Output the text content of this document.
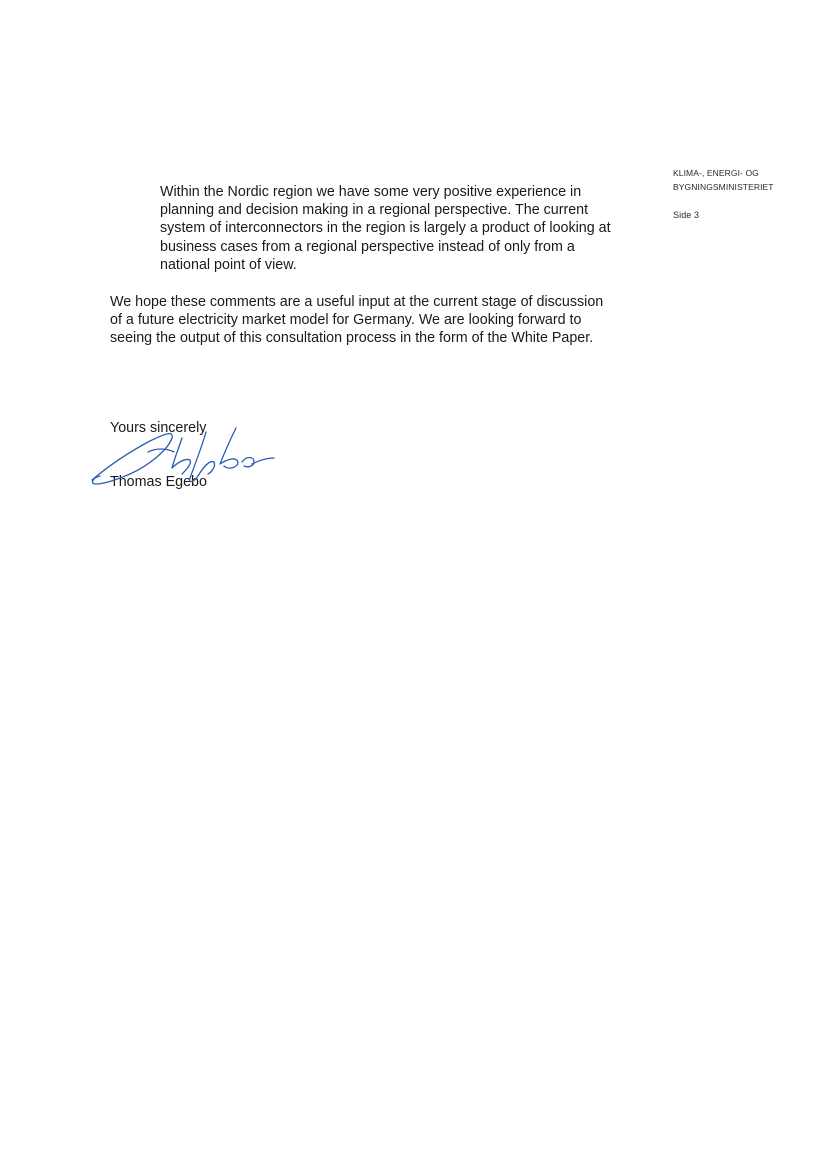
KLIMA-, ENERGI- OG
BYGNINGSMINISTERIET
Side 3

Within the Nordic region we have some very positive experience in
planning and decision making in a regional perspective. The current
system of interconnectors in the region is largely a product of looking at
business cases from a regional perspective instead of only from a
national point of view.

We hope these comments are a useful input at the current stage of discussion
of a future electricity market model for Germany. We are looking forward to
seeing the output of this consultation process in the form of the White Paper.

Yours sincerely

Thomas Egebo
